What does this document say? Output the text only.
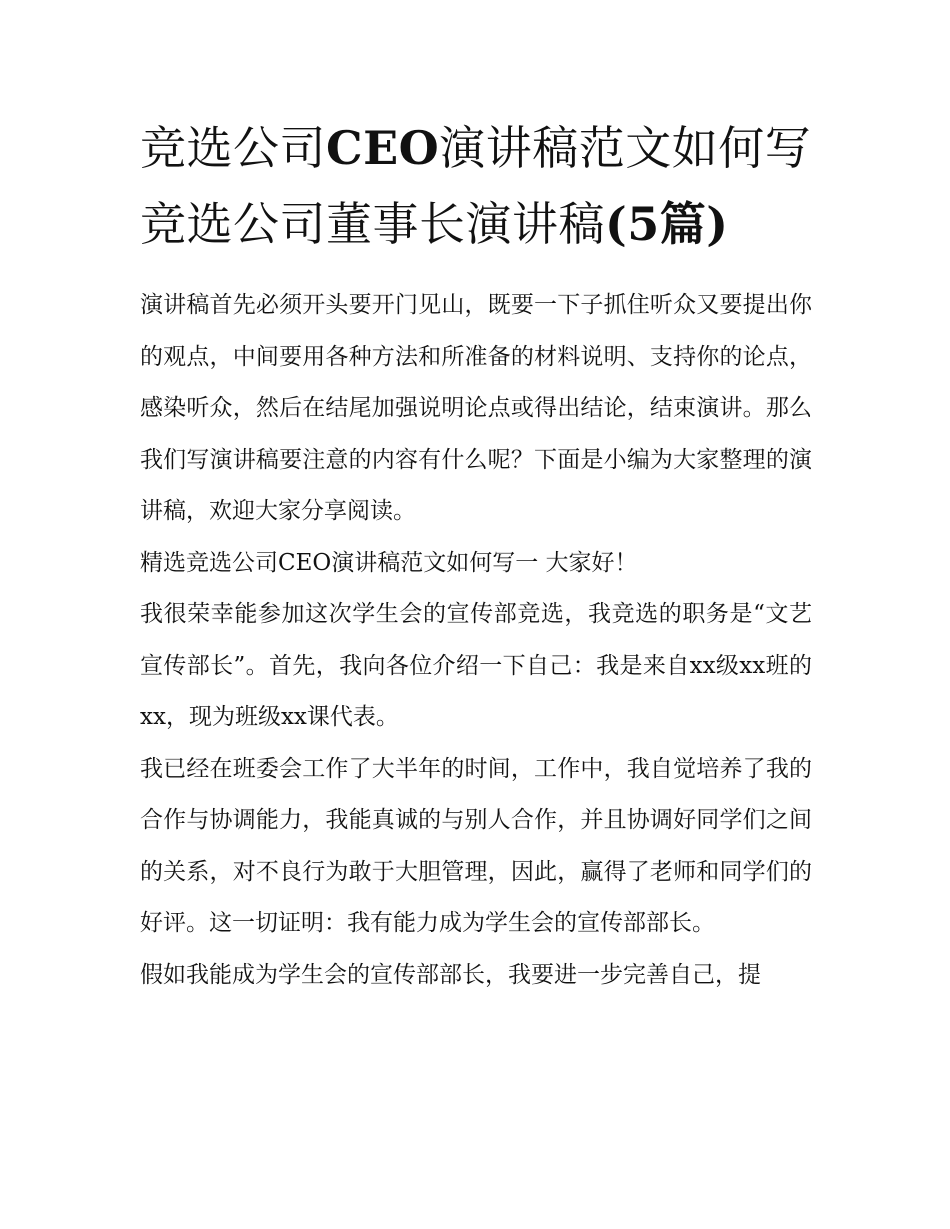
竞选公司CEO演讲稿范文如何写 竞选公司董事长演讲稿(5篇)

演讲稿首先必须开头要开门见山，既要一下子抓住听众又要提出你的观点，中间要用各种方法和所准备的材料说明、支持你的论点，感染听众，然后在结尾加强说明论点或得出结论，结束演讲。那么我们写演讲稿要注意的内容有什么呢？下面是小编为大家整理的演讲稿，欢迎大家分享阅读。

精选竞选公司CEO演讲稿范文如何写一 大家好！

我很荣幸能参加这次学生会的宣传部竞选，我竞选的职务是“文艺宣传部长”。首先，我向各位介绍一下自己：我是来自xx级xx班的xx，现为班级xx课代表。

我已经在班委会工作了大半年的时间，工作中，我自觉培养了我的合作与协调能力，我能真诚的与别人合作，并且协调好同学们之间的关系，对不良行为敢于大胆管理，因此，赢得了老师和同学们的好评。这一切证明：我有能力成为学生会的宣传部部长。

假如我能成为学生会的宣传部部长，我要进一步完善自己，提
